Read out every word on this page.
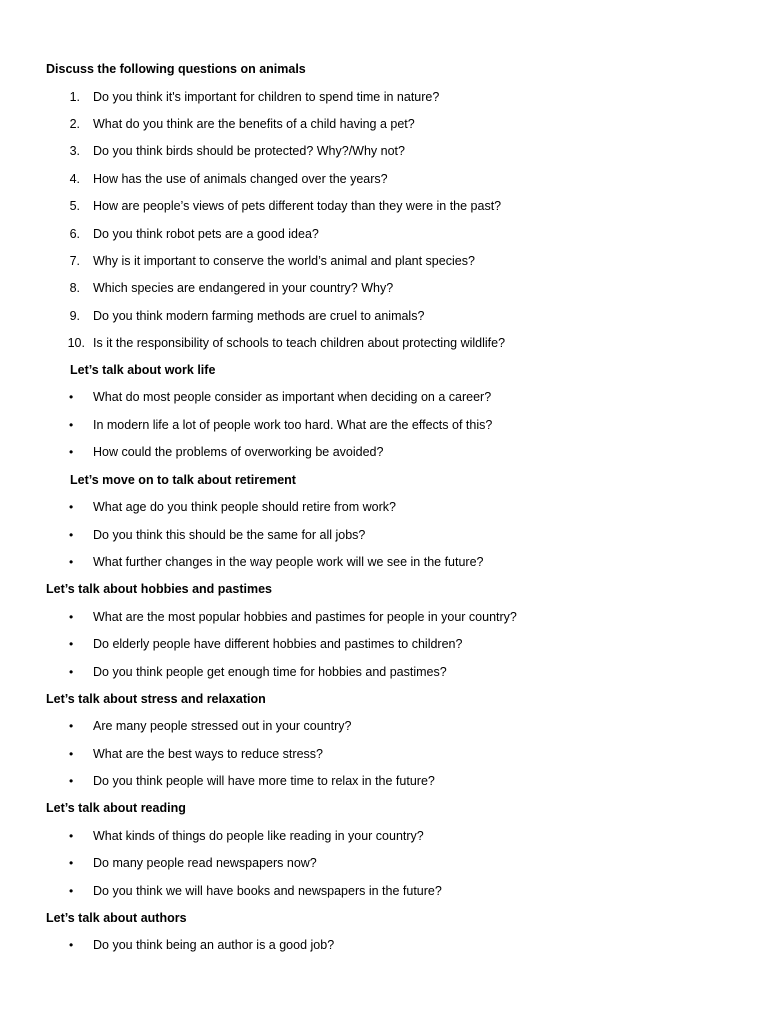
Discuss the following questions on animals
1. Do you think it's important for children to spend time in nature?
2. What do you think are the benefits of a child having a pet?
3. Do you think birds should be protected? Why?/Why not?
4. How has the use of animals changed over the years?
5. How are people’s views of pets different today than they were in the past?
6. Do you think robot pets are a good idea?
7. Why is it important to conserve the world’s animal and plant species?
8. Which species are endangered in your country? Why?
9. Do you think modern farming methods are cruel to animals?
10. Is it the responsibility of schools to teach children about protecting wildlife?
Let’s talk about work life
• What do most people consider as important when deciding on a career?
• In modern life a lot of people work too hard. What are the effects of this?
• How could the problems of overworking be avoided?
Let’s move on to talk about retirement
• What age do you think people should retire from work?
• Do you think this should be the same for all jobs?
• What further changes in the way people work will we see in the future?
Let’s talk about hobbies and pastimes
• What are the most popular hobbies and pastimes for people in your country?
• Do elderly people have different hobbies and pastimes to children?
• Do you think people get enough time for hobbies and pastimes?
Let’s talk about stress and relaxation
• Are many people stressed out in your country?
• What are the best ways to reduce stress?
• Do you think people will have more time to relax in the future?
Let’s talk about reading
• What kinds of things do people like reading in your country?
• Do many people read newspapers now?
• Do you think we will have books and newspapers in the future?
Let’s talk about authors
• Do you think being an author is a good job?
